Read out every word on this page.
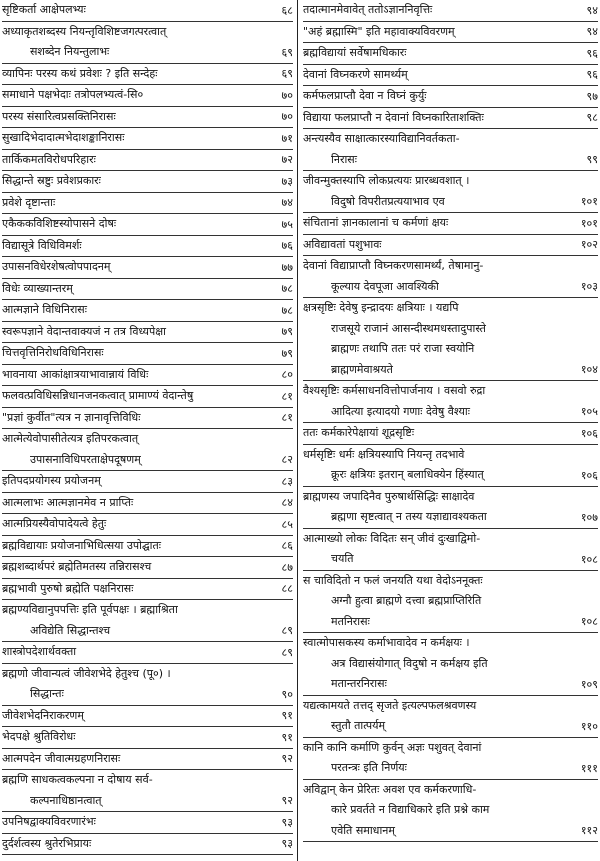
सृष्टिकर्ता आक्षेपलभ्यः	६८
अध्याकृतशब्दस्य नियन्तृविशिष्टजगत्परत्वात्
सशब्देन नियन्तुलाभः	६९
व्यापिनः परस्य कथं प्रवेशः ? इति सन्देहः	६९
समाधाने पक्षभेदाः तत्रोपलभ्यत्वं-सि०	७०
परस्य संसारित्वप्रसक्तिनिरासः	७०
सुखादिभेदादात्मभेदाशङ्कानिरासः	७१
तार्किकमतविरोधपरिहारः	७२
सिद्धान्ते स्रष्टुः प्रवेशप्रकारः	७३
प्रवेशे दृष्टान्ताः	७४
एकैककविशिष्टस्योपासने दोषः	७५
विद्यासूत्रे विधिविमर्शः	७६
उपासनविधेरशेषत्वोपपादनम्	७७
विधेः व्याख्यान्तरम्	७८
आत्मज्ञाने विधिनिरासः	७८
स्वरूपज्ञाने वेदान्तवाक्यजं न तत्र विध्यपेक्षा	७९
चित्तवृत्तिनिरोधविधिनिरासः	७९
भावनाया आकांक्षात्रयाभावान्नायं विधिः	८०
फलवत्प्रविधिसन्निधानजनकत्वात् प्रामाण्यं वेदान्तेषु	८१
"प्रज्ञां कुर्वीत"त्यत्र न ज्ञानावृत्तिविधिः	८१
आत्मेत्येवोपासीतेत्यत्र इतिपरकत्वात्
उपासनाविधिपरताक्षेपदूषणम्	८२
इतिपदप्रयोगस्य प्रयोजनम्	८३
आत्मलाभः आत्मज्ञानमेव न प्राप्तिः	८४
आत्मप्रियस्यैवोपादेयत्वे हेतुः	८५
ब्रह्मविद्यायाः प्रयोजनाभिधित्सया उपोद्घातः	८६
ब्रह्मशब्दार्थपरं ब्रह्मेतिमतस्य तन्निरासश्च	८७
ब्रह्मभावी पुरुषो ब्रह्मेति पक्षनिरासः	८८
ब्रह्मण्यविद्यानुपपत्तिः इति पूर्वपक्षः । ब्रह्माश्रिता
अविद्येति सिद्धान्तश्च	८९
शास्त्रोपदेशार्थवक्ता	८९
ब्रह्मणो जीवान्यत्वं जीवेशभेदे हेतुश्च (पू०) ।
सिद्धान्तः	९०
जीवेशभेदनिराकरणम्	९१
भेदपक्षे श्रुतिविरोधः	९१
आत्मपदेन जीवात्मग्रहणनिरासः	९२
ब्रह्मणि साधकत्वकल्पना न दोषाय सर्व-
कल्पनाधिष्ठानत्वात्	९२
उपनिषद्वाक्यविवरणारंभः	९३
दुर्दर्शत्वस्य श्रुतेरभिप्रायः	९३
तदात्मानमेवावेत् ततोऽज्ञाननिवृत्तिः	९४
"अहं ब्रह्मास्मि" इति महावाक्यविवरणम्	९४
ब्रह्मविद्यायां सर्वेषामधिकारः	९६
देवानां विघ्नकरणे सामर्थ्यम्	९६
कर्मफलप्राप्तौ देवा न विघ्नं कुर्युः	९७
विद्याया फलप्राप्तौ न देवानां विघ्नकारिताशक्तिः	९८
अन्त्यस्यैव साक्षात्कारस्याविद्यानिवर्तकता-
निरासः	९९
जीवन्मुक्तस्यापि लोकप्रत्ययः प्रारब्धवशात् ।
विदुषो विपरीतप्रत्ययाभाव एव	१०१
संचितानां ज्ञानकालानां च कर्मणां क्षयः	१०१
अविद्यावतां पशुभावः	१०२
देवानां विद्याप्राप्तौ विघ्नकरणसामर्थ्यं, तेषामानु-
कूल्याय देवपूजा आवश्यिकी	१०३
क्षत्रसृष्टिः देवेषु इन्द्रादयः क्षत्रियाः । यद्यपि
राजसूये राजानं आसन्दीस्थमधस्तादुपास्ते
ब्राह्मणः तथापि ततः परं राजा स्वयोनि
ब्राह्मणमेवाश्रयते	१०४
वैश्यसृष्टिः कर्मसाधनवित्तोपार्जनाय । वसवो रुद्रा
आदित्या इत्यादयो गणाः देवेषु वैश्याः	१०५
ततः कर्मकारेपेक्षायां शूद्रसृष्टिः	१०६
धर्मसृष्टिः धर्मः क्षत्रियस्यापि नियन्तृ तदभावे
क्रूरः क्षत्रियः इतरान् बलाधिक्येन हिंस्यात्	१०६
ब्राह्मणस्य जपादिनैव पुरुषार्थसिद्धिः साक्षादेव
ब्रह्मणा सृष्टत्वात् न तस्य यज्ञाद्यावश्यकता	१०७
आत्माख्यो लोकः विदितः सन् जीवं दुःखाद्विमो-
चयति	१०८
स चाविदितो न फलं जनयति यथा वेदोऽननूक्तः
अग्नौ हुत्वा ब्राह्मणे दत्त्वा ब्रह्मप्राप्तिरिति
मतनिरासः	१०८
स्वात्मोपासकस्य कर्माभावादेव न कर्मक्षयः ।
अत्र विद्यासंयोगात् विदुषो न कर्मक्षय इति
मतान्तरनिरासः	१०९
यद्यत्कामयते तत्तद् सृजते इत्यल्पफलश्रवणस्य
स्तुतौ तात्पर्यम्	११०
कानि कानि कर्माणि कुर्वन् अज्ञः पशुवत् देवानां
परतन्त्रः इति निर्णयः	१११
अविद्वान् केन प्रेरितः अवश एव कर्मकरणाधि-
कारे प्रवर्तते न विद्याधिकारे इति प्रश्ने काम
एवेति समाधानम्	११२
